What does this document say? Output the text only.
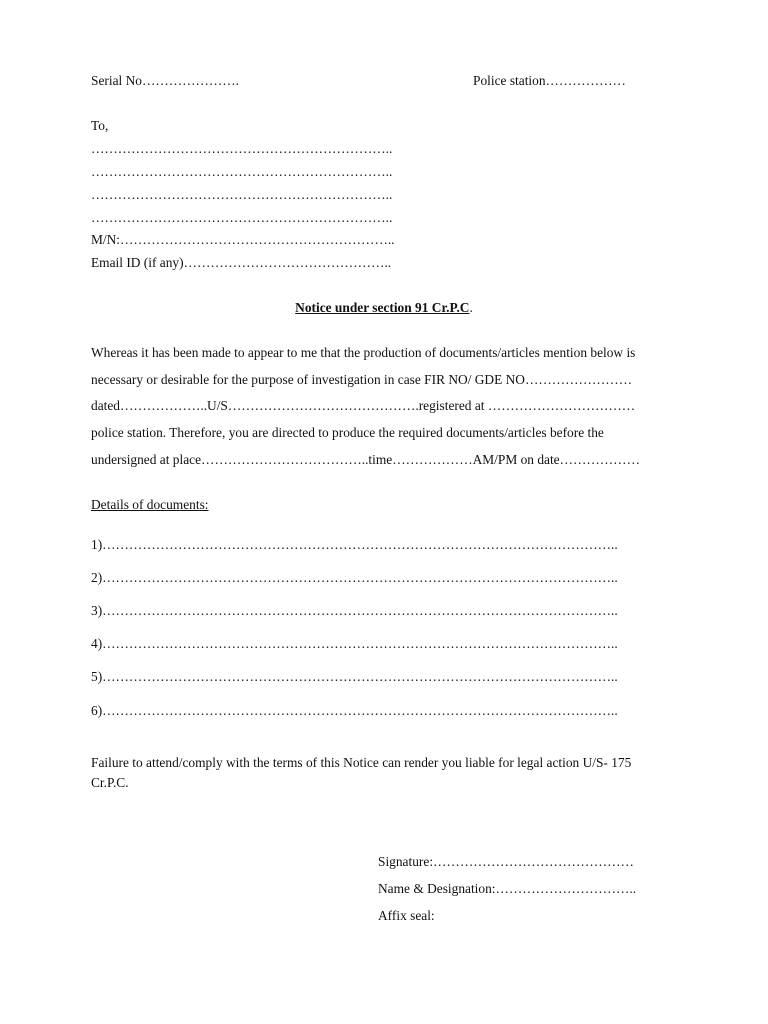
Serial No………………….	Police station………………
To,
…………………………………………………………..
…………………………………………………………..
…………………………………………………………..
…………………………………………………………..
M/N:……………………………………………………..
Email ID (if any)………………………………………..
Notice under section 91 Cr.P.C.
Whereas it has been made to appear to me that the production of documents/articles mention below is
necessary or desirable for the purpose of investigation in case FIR NO/ GDE NO……………………
dated………………..U/S…………………………………….registered at ……………………………
police station. Therefore, you are directed to produce the required documents/articles before the
undersigned at place………………………………..time………………AM/PM on date………………
Details of documents:
1)……………………………………………………………………………………………………..
2)……………………………………………………………………………………………………..
3)……………………………………………………………………………………………………..
4)……………………………………………………………………………………………………..
5)……………………………………………………………………………………………………..
6)……………………………………………………………………………………………………..
Failure to attend/comply with the terms of this Notice can render you liable for legal action U/S- 175
Cr.P.C.
Signature:………………………………………
Name & Designation:…………………………..
Affix seal:
